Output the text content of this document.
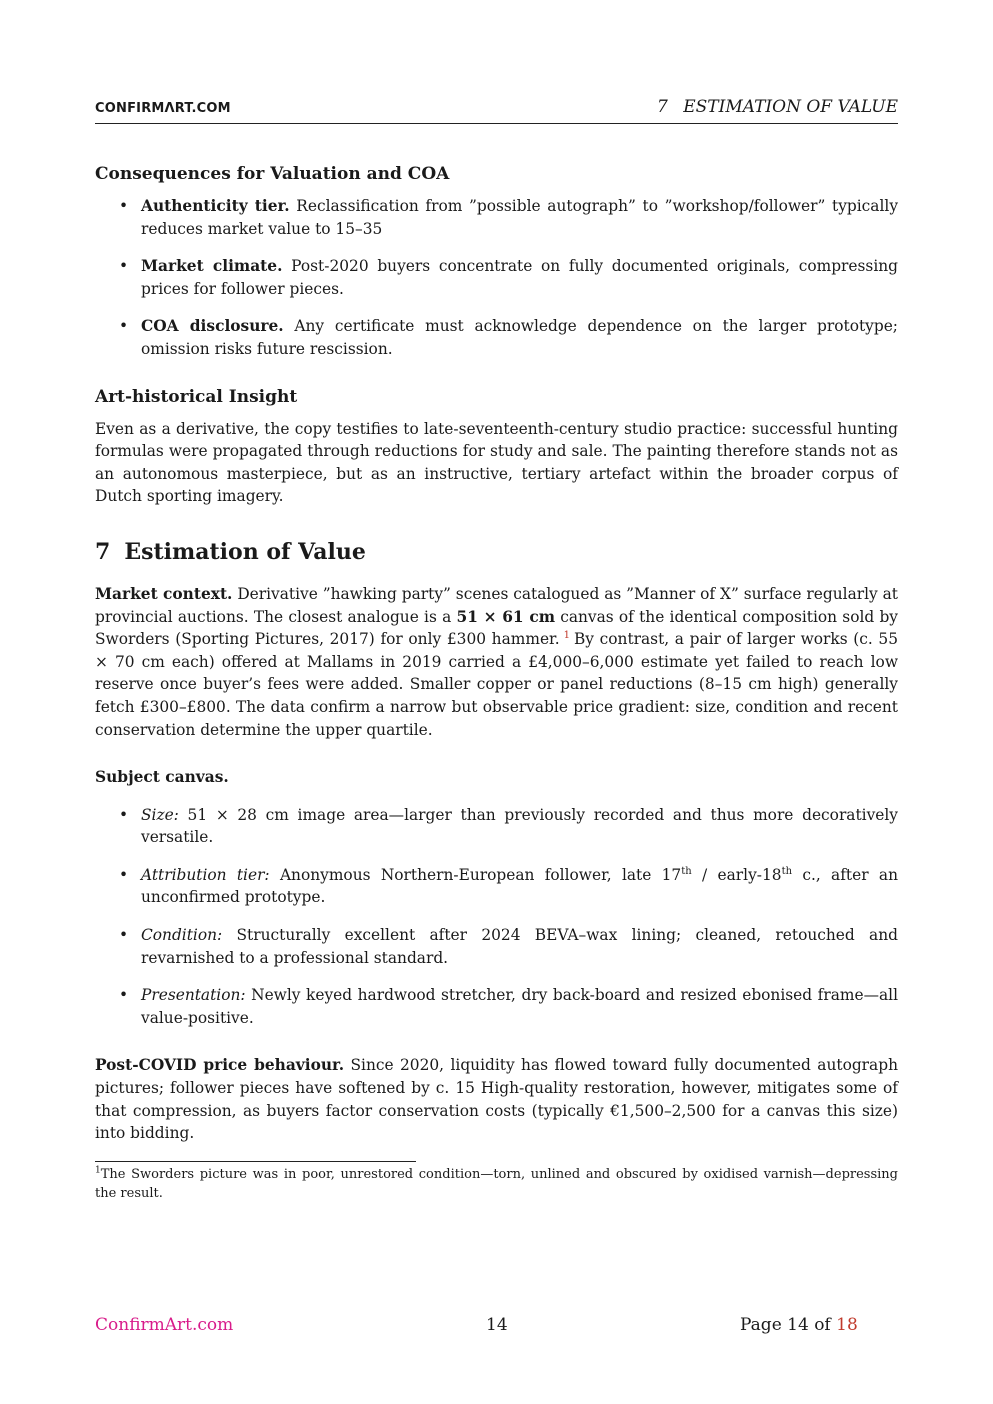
CONFIRMΛRT.COM	7 ESTIMATION OF VALUE
Consequences for Valuation and COA
• Authenticity tier. Reclassification from ”possible autograph” to ”workshop/follower” typically reduces market value to 15–35
• Market climate. Post-2020 buyers concentrate on fully documented originals, compressing prices for follower pieces.
• COA disclosure. Any certificate must acknowledge dependence on the larger prototype; omission risks future rescission.
Art-historical Insight

Even as a derivative, the copy testifies to late-seventeenth-century studio practice: successful hunting formulas were propagated through reductions for study and sale. The painting therefore stands not as an autonomous masterpiece, but as an instructive, tertiary artefact within the broader corpus of Dutch sporting imagery.

7 Estimation of Value

Market context. Derivative ”hawking party” scenes catalogued as ”Manner of X” surface regularly at provincial auctions. The closest analogue is a 51 × 61 cm canvas of the identical composition sold by Sworders (Sporting Pictures, 2017) for only £300 hammer. $^1$ By contrast, a pair of larger works (c. 55 × 70 cm each) offered at Mallams in 2019 carried a £4,000–6,000 estimate yet failed to reach low reserve once buyer’s fees were added. Smaller copper or panel reductions (8–15 cm high) generally fetch £300–£800. The data confirm a narrow but observable price gradient: size, condition and recent conservation determine the upper quartile.

Subject canvas.

• Size: 51 × 28 cm image area—larger than previously recorded and thus more decoratively versatile.
• Attribution tier: Anonymous Northern-European follower, late 17th / early-18th c., after an unconfirmed prototype.
• Condition: Structurally excellent after 2024 BEVA–wax lining; cleaned, retouched and revarnished to a professional standard.
• Presentation: Newly keyed hardwood stretcher, dry back-board and resized ebonised frame—all value-positive.

Post-COVID price behaviour. Since 2020, liquidity has flowed toward fully documented autograph pictures; follower pieces have softened by c. 15 High-quality restoration, however, mitigates some of that compression, as buyers factor conservation costs (typically €1,500–2,500 for a canvas this size) into bidding.

$^1$The Sworders picture was in poor, unrestored condition—torn, unlined and obscured by oxidised varnish—depressing the result.
ConfirmArt.com	14	Page 14 of 18
